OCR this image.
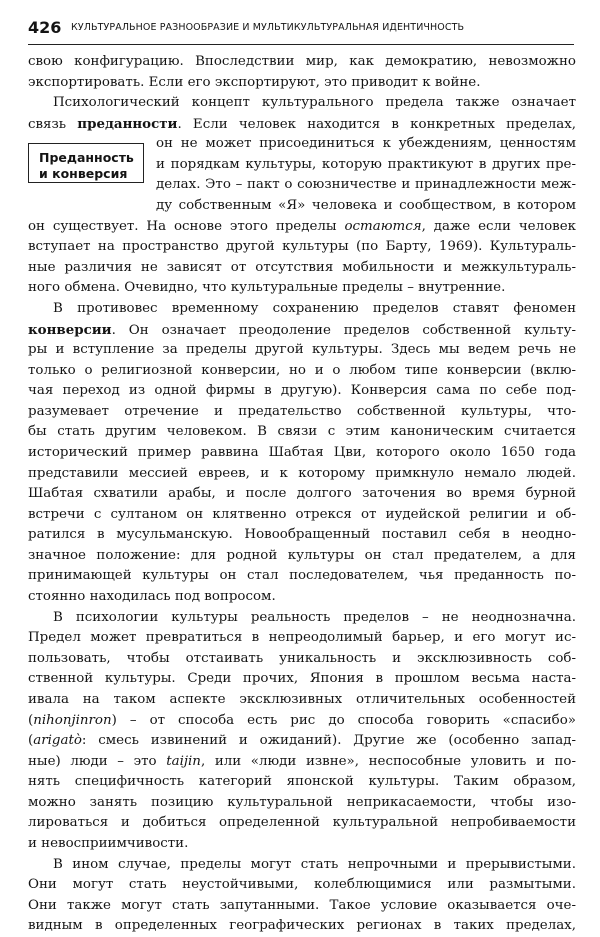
426 КУЛЬТУРАЛЬНОЕ РАЗНООБРАЗИЕ И МУЛЬТИКУЛЬТУРАЛЬНАЯ ИДЕНТИЧНОСТЬ
Преданность
и конверсия
свою конфигурацию. Впоследствии мир, как демократию, невозможно
экспортировать. Если его экспортируют, это приводит к войне.
Психологический концепт культурального предела также означает
связь преданности. Если человек находится в конкретных пределах,
он не может присоединиться к убеждениям, ценностям
и порядкам культуры, которую практикуют в других пре-
делах. Это – пакт о союзничестве и принадлежности меж-
ду собственным «Я» человека и сообществом, в котором
он существует. На основе этого пределы остаются, даже если человек
вступает на пространство другой культуры (по Барту, 1969). Культураль-
ные различия не зависят от отсутствия мобильности и межкультураль-
ного обмена. Очевидно, что культуральные пределы – внутренние.
В противовес временному сохранению пределов ставят феномен
конверсии. Он означает преодоление пределов собственной культу-
ры и вступление за пределы другой культуры. Здесь мы ведем речь не
только о религиозной конверсии, но и о любом типе конверсии (вклю-
чая переход из одной фирмы в другую). Конверсия сама по себе под-
разумевает отречение и предательство собственной культуры, что-
бы стать другим человеком. В связи с этим каноническим считается
исторический пример раввина Шабтая Цви, которого около 1650 года
представили мессией евреев, и к которому примкнуло немало людей.
Шабтая схватили арабы, и после долгого заточения во время бурной
встречи с султаном он клятвенно отрекся от иудейской религии и об-
ратился в мусульманскую. Новообращенный поставил себя в неодно-
значное положение: для родной культуры он стал предателем, а для
принимающей культуры он стал последователем, чья преданность по-
стоянно находилась под вопросом.
В психологии культуры реальность пределов – не неоднозначна.
Предел может превратиться в непреодолимый барьер, и его могут ис-
пользовать, чтобы отстаивать уникальность и эксклюзивность соб-
ственной культуры. Среди прочих, Япония в прошлом весьма наста-
ивала на таком аспекте эксклюзивных отличительных особенностей
(nihonjinron) – от способа есть рис до способа говорить «спасибо»
(arigatò: смесь извинений и ожиданий). Другие же (особенно запад-
ные) люди – это taijin, или «люди извне», неспособные уловить и по-
нять специфичность категорий японской культуры. Таким образом,
можно занять позицию культуральной неприкасаемости, чтобы изо-
лироваться и добиться определенной культуральной непробиваемости
и невосприимчивости.
В ином случае, пределы могут стать непрочными и прерывистыми.
Они могут стать неустойчивыми, колеблющимися или размытыми.
Они также могут стать запутанными. Такое условие оказывается оче-
видным в определенных географических регионах в таких пределах,
